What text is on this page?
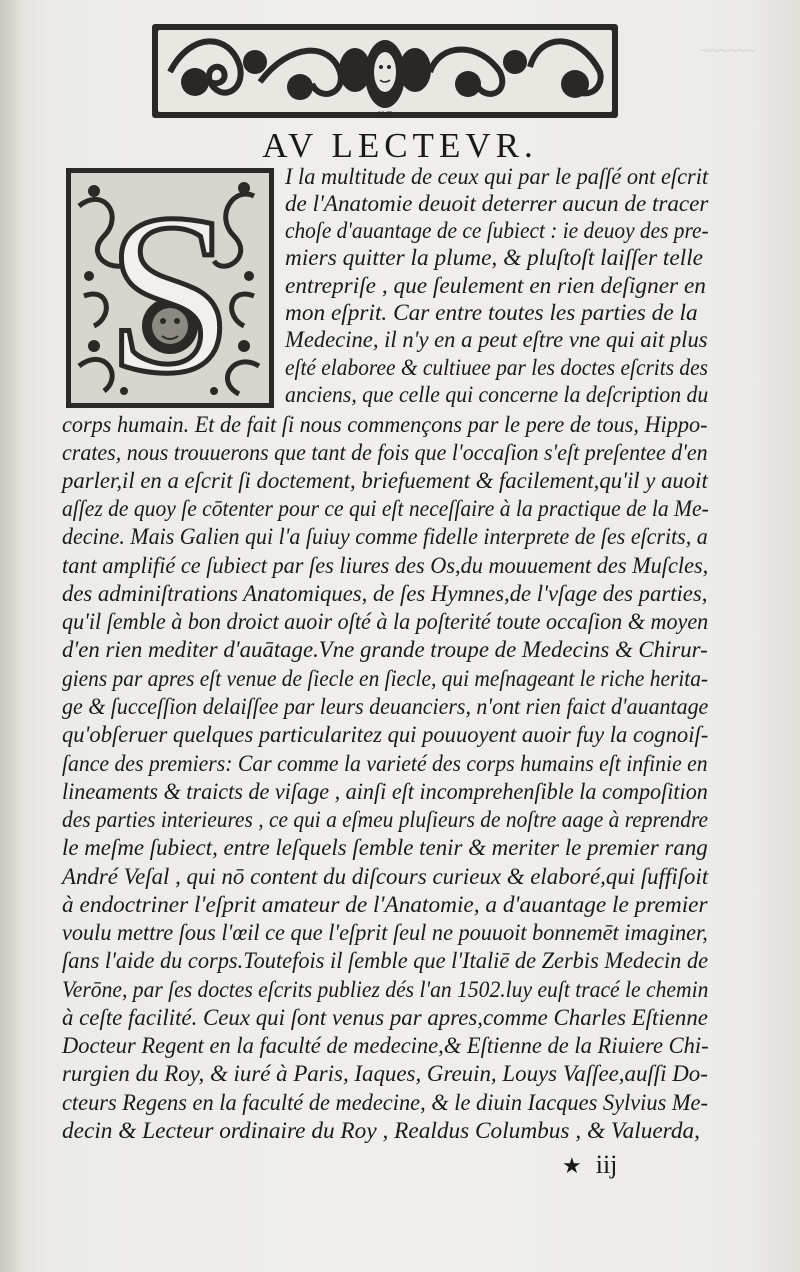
~~~~~~
H.T
AV LECTEVR.
S I la multitude de ceux qui par le paſſé ont eſcrit
de l'Anatomie deuoit deterrer aucun de tracer
choſe d'auantage de ce ſubiect : ie deuoy des pre-
miers quitter la plume, & pluſtoſt laiſſer telle
entrepriſe , que ſeulement en rien deſigner en
mon eſprit. Car entre toutes les parties de la
Medecine, il n'y en a peut eſtre vne qui ait plus
eſté elaboree & cultiuee par les doctes eſcrits des
anciens, que celle qui concerne la deſcription du
corps humain. Et de fait ſi nous commençons par le pere de tous, Hippo-
crates, nous trouuerons que tant de fois que l'occaſion s'eſt preſentee d'en
parler,il en a eſcrit ſi doctement, briefuement & facilement,qu'il y auoit
aſſez de quoy ſe cōtenter pour ce qui eſt neceſſaire à la practique de la Me-
decine. Mais Galien qui l'a ſuiuy comme fidelle interprete de ſes eſcrits, a
tant amplifié ce ſubiect par ſes liures des Os,du mouuement des Muſcles,
des adminiſtrations Anatomiques, de ſes Hymnes,de l'vſage des parties,
qu'il ſemble à bon droict auoir oſté à la poſterité toute occaſion & moyen
d'en rien mediter d'auātage.Vne grande troupe de Medecins & Chirur-
giens par apres eſt venue de ſiecle en ſiecle, qui meſnageant le riche herita-
ge & ſucceſſion delaiſſee par leurs deuanciers, n'ont rien faict d'auantage
qu'obſeruer quelques particularitez qui pouuoyent auoir fuy la cognoiſ-
ſance des premiers: Car comme la varieté des corps humains eſt infinie en
lineaments & traicts de viſage , ainſi eſt incomprehenſible la compoſition
des parties interieures , ce qui a eſmeu pluſieurs de noſtre aage à reprendre
le meſme ſubiect, entre leſquels ſemble tenir & meriter le premier rang
André Veſal , qui nō content du diſcours curieux & elaboré,qui ſuffiſoit
à endoctriner l'eſprit amateur de l'Anatomie, a d'auantage le premier
voulu mettre ſous l'œil ce que l'eſprit ſeul ne pouuoit bonnemēt imaginer,
ſans l'aide du corps.Toutefois il ſemble que l'Italiē de Zerbis Medecin de
Verōne, par ſes doctes eſcrits publiez dés l'an 1502.luy euſt tracé le chemin
à ceſte facilité. Ceux qui ſont venus par apres,comme Charles Eſtienne
Docteur Regent en la faculté de medecine,& Eſtienne de la Riuiere Chi-
rurgien du Roy, & iuré à Paris, Iaques, Greuin, Louys Vaſſee,auſſi Do-
cteurs Regens en la faculté de medecine, & le diuin Iacques Sylvius Me-
decin & Lecteur ordinaire du Roy , Realdus Columbus , & Valuerda,
★ iij
